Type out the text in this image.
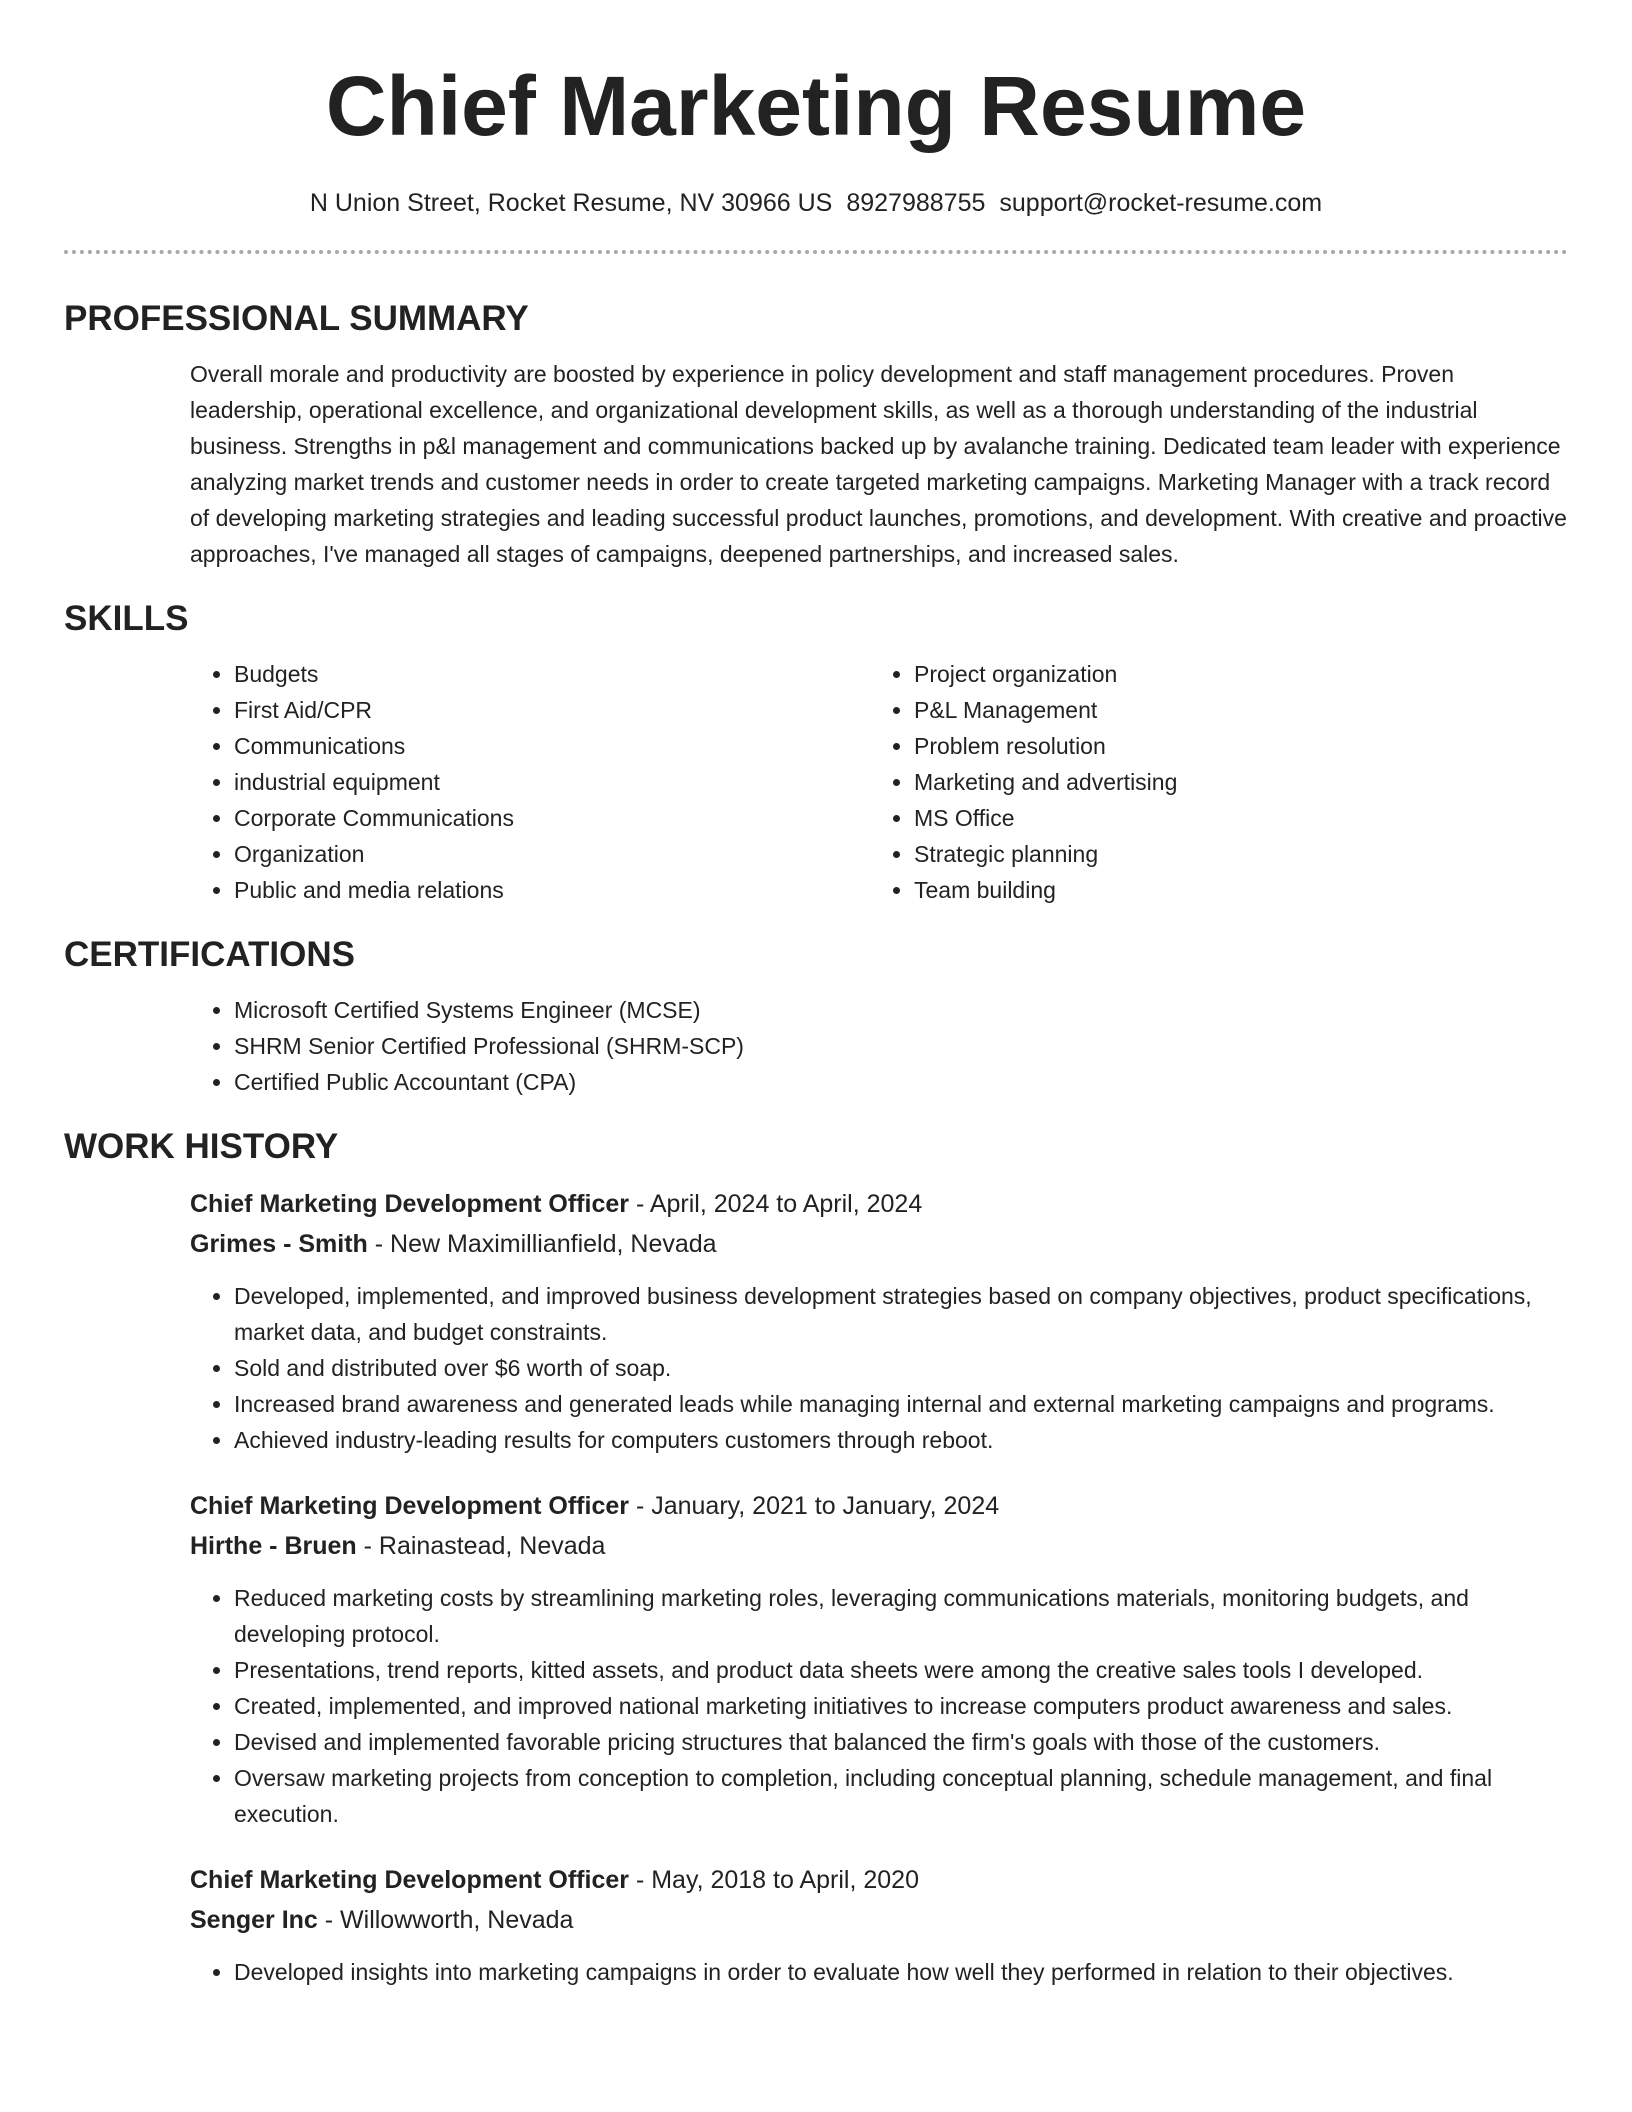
Chief Marketing Resume
N Union Street, Rocket Resume, NV 30966 US 8927988755 support@rocket-resume.com
PROFESSIONAL SUMMARY

Overall morale and productivity are boosted by experience in policy development and staff management procedures. Proven leadership, operational excellence, and organizational development skills, as well as a thorough understanding of the industrial business. Strengths in p&l management and communications backed up by avalanche training. Dedicated team leader with experience analyzing market trends and customer needs in order to create targeted marketing campaigns. Marketing Manager with a track record of developing marketing strategies and leading successful product launches, promotions, and development. With creative and proactive approaches, I've managed all stages of campaigns, deepened partnerships, and increased sales.

SKILLS
• Budgets
• First Aid/CPR
• Communications
• industrial equipment
• Corporate Communications
• Organization
• Public and media relations
• Project organization
• P&L Management
• Problem resolution
• Marketing and advertising
• MS Office
• Strategic planning
• Team building
CERTIFICATIONS
• Microsoft Certified Systems Engineer (MCSE)
• SHRM Senior Certified Professional (SHRM-SCP)
• Certified Public Accountant (CPA)
WORK HISTORY

Chief Marketing Development Officer - April, 2024 to April, 2024

Grimes - Smith - New Maximillianfield, Nevada

• Developed, implemented, and improved business development strategies based on company objectives, product specifications, market data, and budget constraints.
• Sold and distributed over $6 worth of soap.
• Increased brand awareness and generated leads while managing internal and external marketing campaigns and programs.
• Achieved industry-leading results for computers customers through reboot.

Chief Marketing Development Officer - January, 2021 to January, 2024

Hirthe - Bruen - Rainastead, Nevada

• Reduced marketing costs by streamlining marketing roles, leveraging communications materials, monitoring budgets, and developing protocol.
• Presentations, trend reports, kitted assets, and product data sheets were among the creative sales tools I developed.
• Created, implemented, and improved national marketing initiatives to increase computers product awareness and sales.
• Devised and implemented favorable pricing structures that balanced the firm's goals with those of the customers.
• Oversaw marketing projects from conception to completion, including conceptual planning, schedule management, and final execution.

Chief Marketing Development Officer - May, 2018 to April, 2020

Senger Inc - Willowworth, Nevada

• Developed insights into marketing campaigns in order to evaluate how well they performed in relation to their objectives.
